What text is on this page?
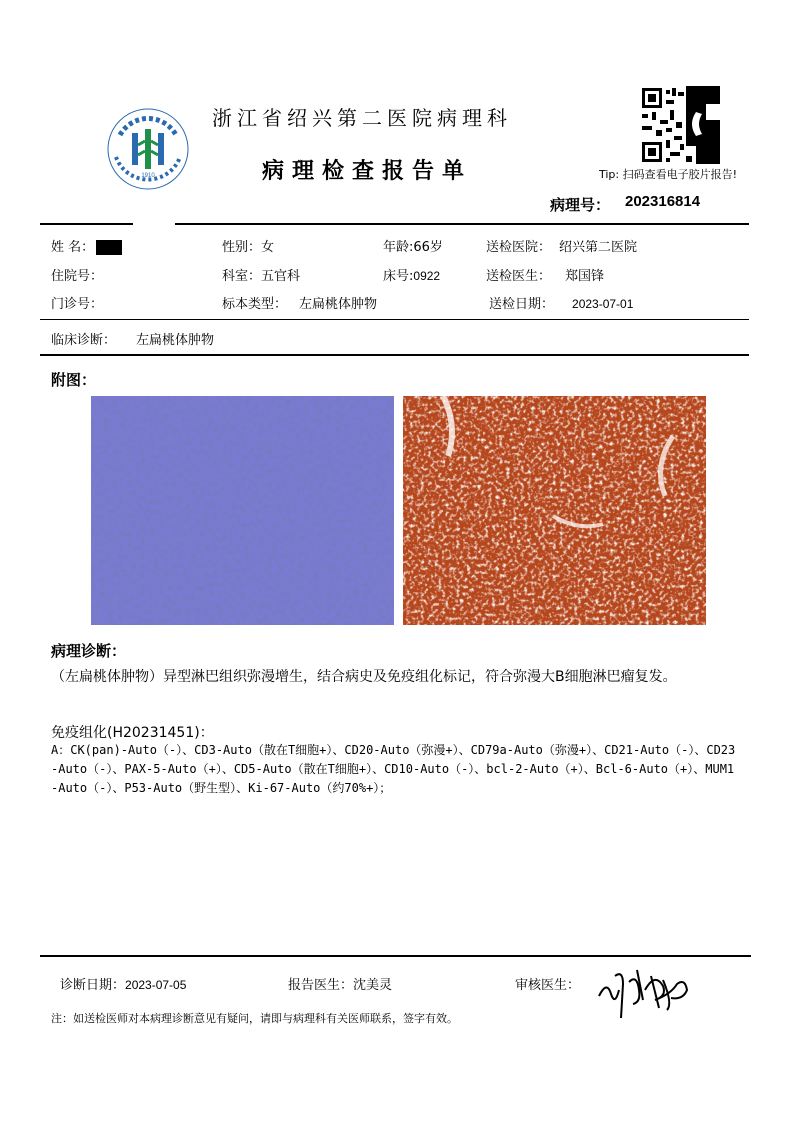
1910
浙江省绍兴第二医院病理科
病理检查报告单	Tip: 扫码查看电子胶片报告!
病理号： 202316814
姓 名：	性别：女	年龄:66岁	送检医院： 绍兴第二医院
住院号：	科室：五官科	床号:0922	送检医生： 郑国锋
门诊号：	标本类型： 左扁桃体肿物	送检日期： 2023-07-01
临床诊断： 左扁桃体肿物
附图：
病理诊断：
（左扁桃体肿物）异型淋巴组织弥漫增生，结合病史及免疫组化标记，符合弥漫大B细胞淋巴瘤复发。
免疫组化(H20231451)：
A：CK(pan)-Auto（-）、CD3-Auto（散在T细胞+）、CD20-Auto（弥漫+）、CD79a-Auto（弥漫+）、CD21-Auto（-）、CD23-Auto（-）、PAX-5-Auto（+）、CD5-Auto（散在T细胞+）、CD10-Auto（-）、bcl-2-Auto（+）、Bcl-6-Auto（+）、MUM1-Auto（-）、P53-Auto（野生型）、Ki-67-Auto（约70%+）；
诊断日期：2023-07-05	报告医生：沈美灵	审核医生：
注：如送检医师对本病理诊断意见有疑问，请即与病理科有关医师联系，签字有效。
